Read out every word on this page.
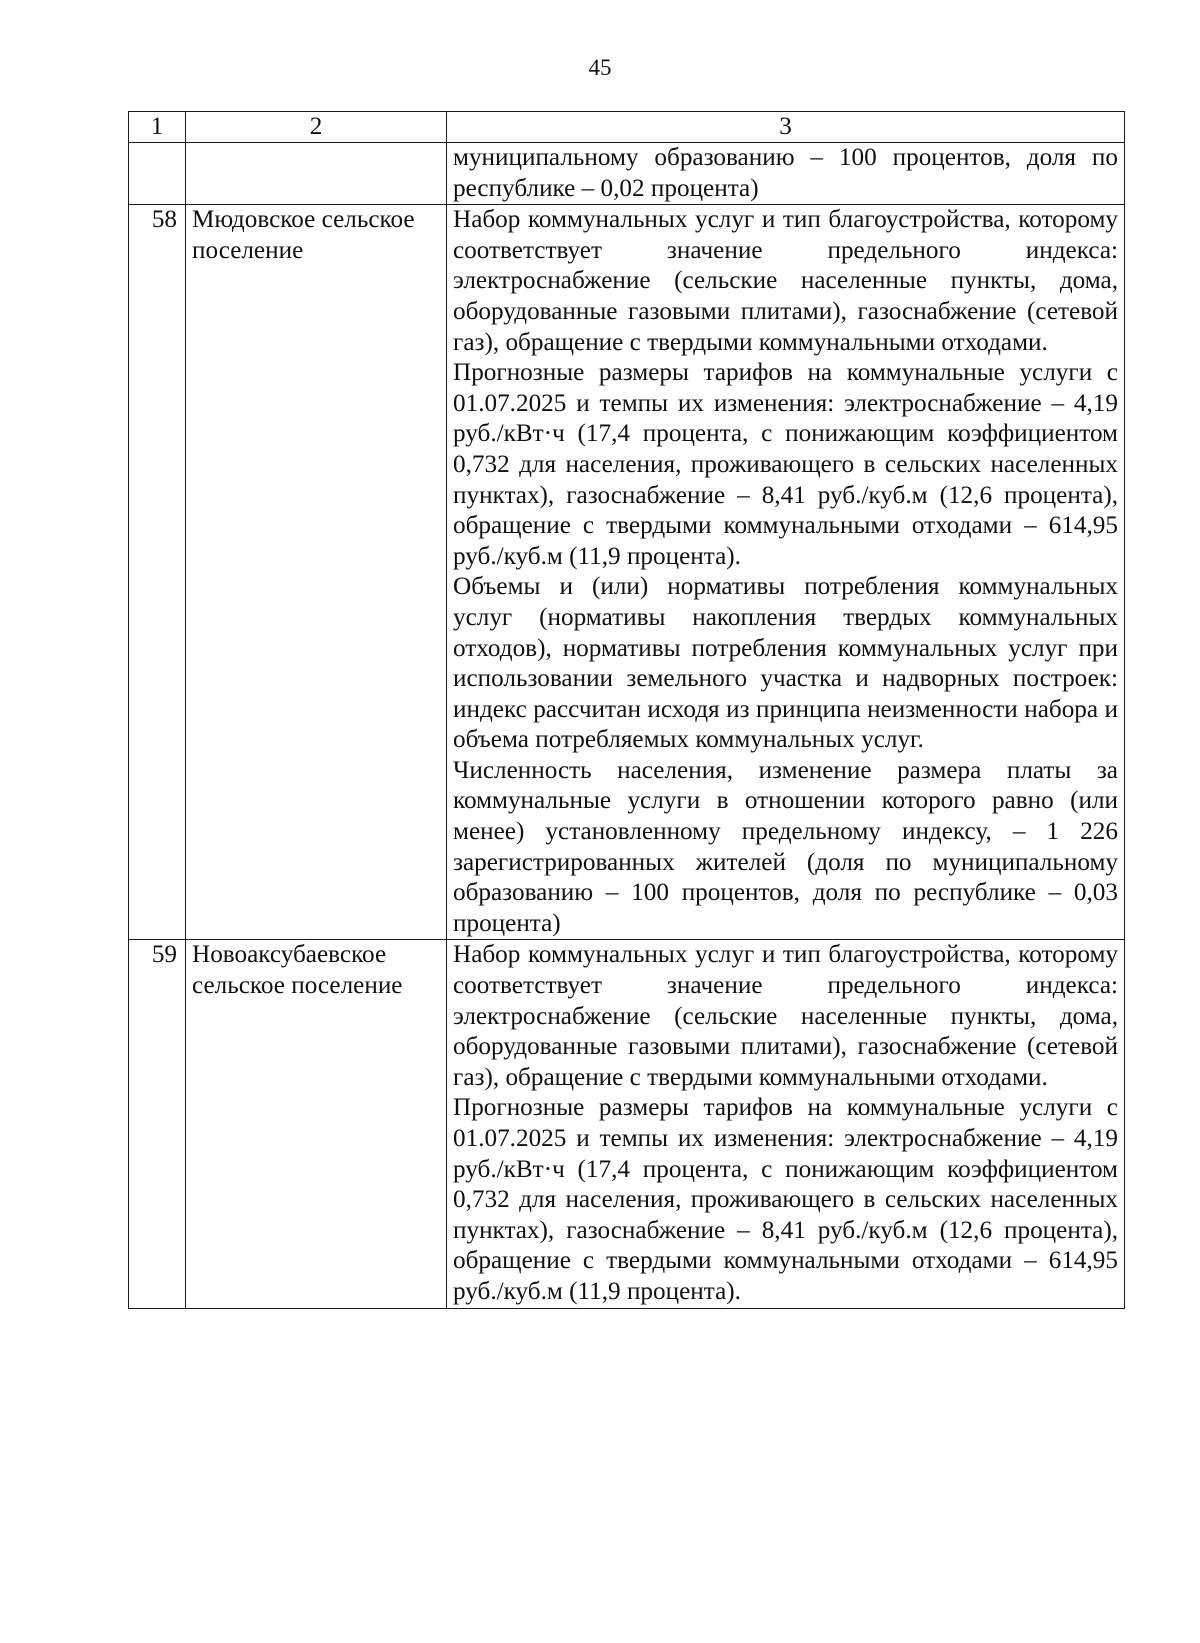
45
1	2	3

		муниципальному образованию – 100 процентов, доля по республике – 0,02 процента)

58	Мюдовское сельское поселение	Набор коммунальных услуг и тип благоустройства, которому соответствует значение предельного индекса: электроснабжение (сельские населенные пункты, дома, оборудованные газовыми плитами), газоснабжение (сетевой газ), обращение с твердыми коммунальными отходами.
Прогнозные размеры тарифов на коммунальные услуги с 01.07.2025 и темпы их изменения: электроснабжение – 4,19 руб./кВт·ч (17,4 процента, с понижающим коэффициентом 0,732 для населения, проживающего в сельских населенных пунктах), газоснабжение – 8,41 руб./куб.м (12,6 процента), обращение с твердыми коммунальными отходами – 614,95 руб./куб.м (11,9 процента).
Объемы и (или) нормативы потребления коммунальных услуг (нормативы накопления твердых коммунальных отходов), нормативы потребления коммунальных услуг при использовании земельного участка и надворных построек: индекс рассчитан исходя из принципа неизменности набора и объема потребляемых коммунальных услуг.
Численность населения, изменение размера платы за коммунальные услуги в отношении которого равно (или менее) установленному предельному индексу, – 1 226 зарегистрированных жителей (доля по муниципальному образованию – 100 процентов, доля по республике – 0,03 процента)

59	Новоаксубаевское сельское поселение	Набор коммунальных услуг и тип благоустройства, которому соответствует значение предельного индекса: электроснабжение (сельские населенные пункты, дома, оборудованные газовыми плитами), газоснабжение (сетевой газ), обращение с твердыми коммунальными отходами.
Прогнозные размеры тарифов на коммунальные услуги с 01.07.2025 и темпы их изменения: электроснабжение – 4,19 руб./кВт·ч (17,4 процента, с понижающим коэффициентом 0,732 для населения, проживающего в сельских населенных пунктах), газоснабжение – 8,41 руб./куб.м (12,6 процента), обращение с твердыми коммунальными отходами – 614,95 руб./куб.м (11,9 процента).
